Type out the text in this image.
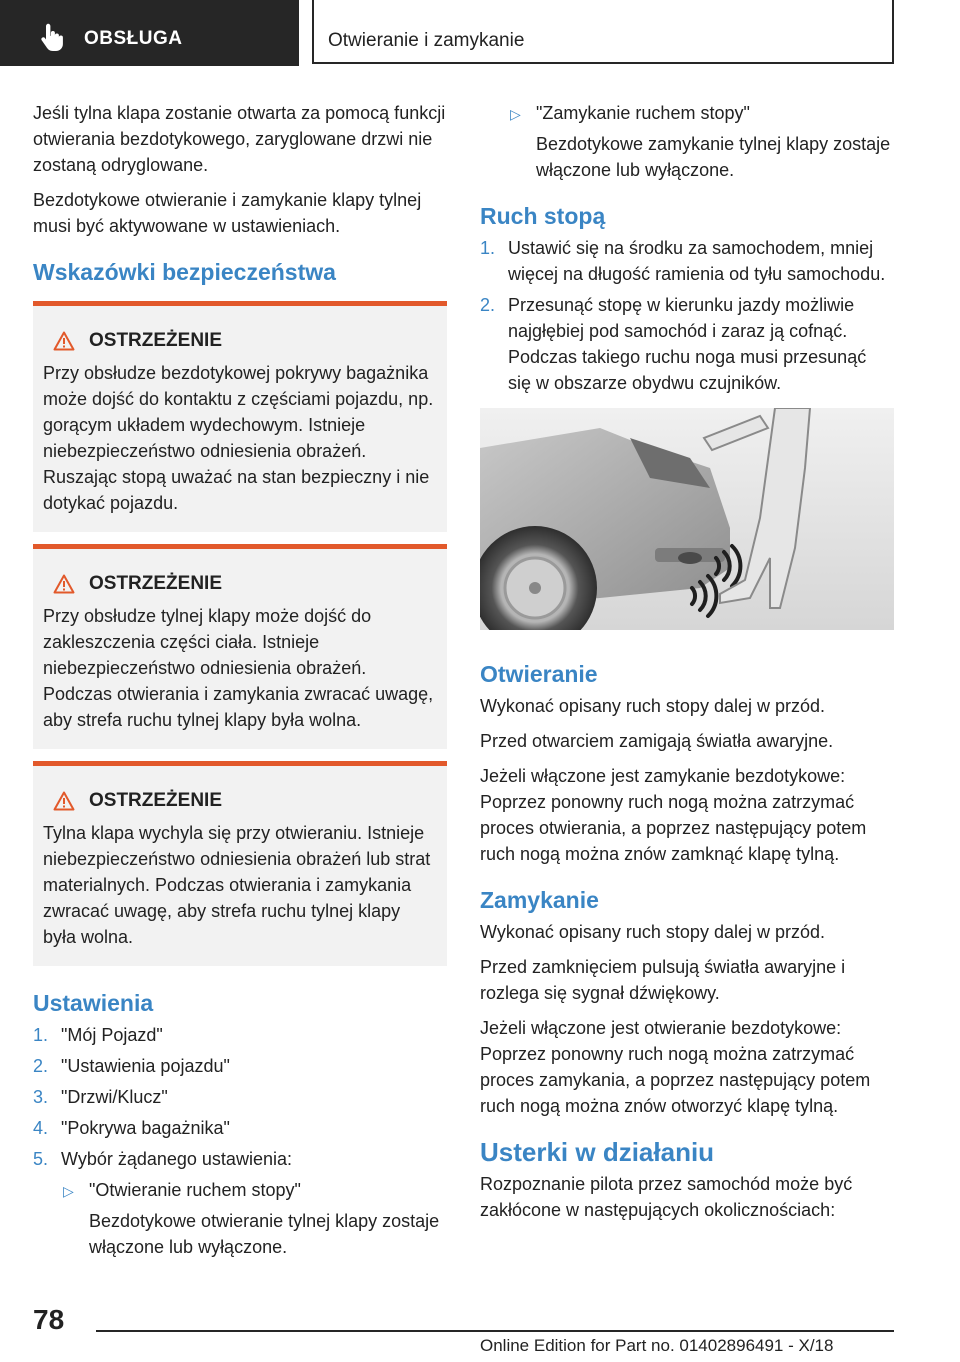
OBSŁUGA	Otwieranie i zamykanie

Jeśli tylna klapa zostanie otwarta za pomocą funkcji otwierania bezdotykowego, zaryglowane drzwi nie zostaną odryglowane.

Bezdotykowe otwieranie i zamykanie klapy tylnej musi być aktywowane w ustawieniach.

Wskazówki bezpieczeństwa
OSTRZEŻENIE

Przy obsłudze bezdotykowej pokrywy bagażnika może dojść do kontaktu z częściami pojazdu, np. gorącym układem wydechowym. Istnieje niebezpieczeństwo odniesienia obrażeń. Ruszając stopą uważać na stan bezpieczny i nie dotykać pojazdu.

OSTRZEŻENIE

Przy obsłudze tylnej klapy może dojść do zakleszczenia części ciała. Istnieje niebezpieczeństwo odniesienia obrażeń. Podczas otwierania i zamykania zwracać uwagę, aby strefa ruchu tylnej klapy była wolna.

OSTRZEŻENIE

Tylna klapa wychyla się przy otwieraniu. Istnieje niebezpieczeństwo odniesienia obrażeń lub strat materialnych. Podczas otwierania i zamykania zwracać uwagę, aby strefa ruchu tylnej klapy była wolna.

Ustawienia
1. "Mój Pojazd"
2. "Ustawienia pojazdu"
3. "Drzwi/Klucz"
4. "Pokrywa bagażnika"
5. Wybór żądanego ustawienia:
▷ "Otwieranie ruchem stopy"

Bezdotykowe otwieranie tylnej klapy zostaje włączone lub wyłączone.

▷ "Zamykanie ruchem stopy"

Bezdotykowe zamykanie tylnej klapy zostaje włączone lub wyłączone.

Ruch stopą
1. Ustawić się na środku za samochodem, mniej więcej na długość ramienia od tyłu samochodu.
2. Przesunąć stopę w kierunku jazdy możliwie najgłębiej pod samochód i zaraz ją cofnąć. Podczas takiego ruchu noga musi przesunąć się w obszarze obydwu czujników.
Otwieranie

Wykonać opisany ruch stopy dalej w przód.

Przed otwarciem zamigają światła awaryjne.

Jeżeli włączone jest zamykanie bezdotykowe: Poprzez ponowny ruch nogą można zatrzymać proces otwierania, a poprzez następujący potem ruch nogą można znów zamknąć klapę tylną.

Zamykanie

Wykonać opisany ruch stopy dalej w przód.

Przed zamknięciem pulsują światła awaryjne i rozlega się sygnał dźwiękowy.

Jeżeli włączone jest otwieranie bezdotykowe: Poprzez ponowny ruch nogą można zatrzymać proces zamykania, a poprzez następujący potem ruch nogą można znów otworzyć klapę tylną.

Usterki w działaniu

Rozpoznanie pilota przez samochód może być zakłócone w następujących okolicznościach:

78
Online Edition for Part no. 01402896491 - X/18
